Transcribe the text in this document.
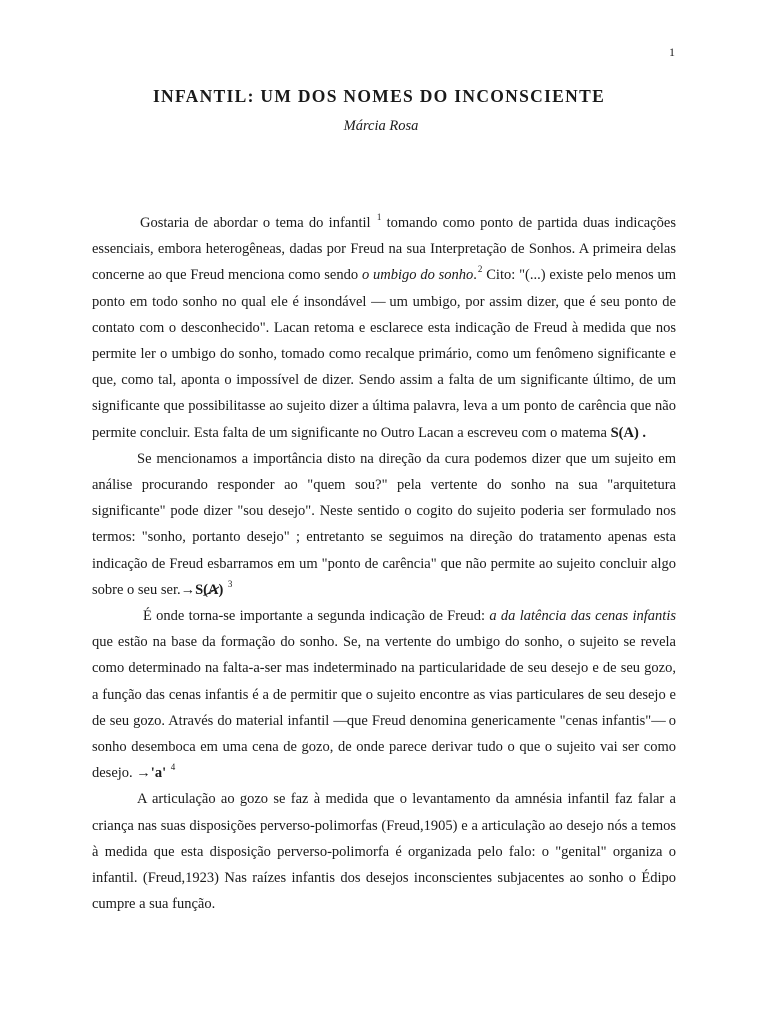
1
INFANTIL: UM DOS NOMES DO INCONSCIENTE
Márcia Rosa

Gostaria de abordar o tema do infantil $^1$ tomando como ponto de partida duas indicações essenciais, embora heterogêneas, dadas por Freud na sua Interpretação de Sonhos. A primeira delas concerne ao que Freud menciona como sendo o umbigo do sonho.$^2$ Cito: "(...) existe pelo menos um ponto em todo sonho no qual ele é insondável — um umbigo, por assim dizer, que é seu ponto de contato com o desconhecido". Lacan retoma e esclarece esta indicação de Freud à medida que nos permite ler o umbigo do sonho, tomado como recalque primário, como um fenômeno significante e que, como tal, aponta o impossível de dizer. Sendo assim a falta de um significante último, de um significante que possibilitasse ao sujeito dizer a última palavra, leva a um ponto de carência que não permite concluir. Esta falta de um significante no Outro Lacan a escreveu com o matema S(A) .

Se mencionamos a importância disto na direção da cura podemos dizer que um sujeito em análise procurando responder ao "quem sou?" pela vertente do sonho na sua "arquitetura significante" pode dizer "sou desejo". Neste sentido o cogito do sujeito poderia ser formulado nos termos: "sonho, portanto desejo" ; entretanto se seguimos na direção do tratamento apenas esta indicação de Freud esbarramos em um "ponto de carência" que não permite ao sujeito concluir algo sobre o seu ser.→S(A) $^3$

É onde torna-se importante a segunda indicação de Freud: a da latência das cenas infantis que estão na base da formação do sonho. Se, na vertente do umbigo do sonho, o sujeito se revela como determinado na falta-a-ser mas indeterminado na particularidade de seu desejo e de seu gozo, a função das cenas infantis é a de permitir que o sujeito encontre as vias particulares de seu desejo e de seu gozo. Através do material infantil —que Freud denomina genericamente "cenas infantis"— o sonho desemboca em uma cena de gozo, de onde parece derivar tudo o que o sujeito vai ser como desejo. →'a' $^4$

A articulação ao gozo se faz à medida que o levantamento da amnésia infantil faz falar a criança nas suas disposições perverso-polimorfas (Freud,1905) e a articulação ao desejo nós a temos à medida que esta disposição perverso-polimorfa é organizada pelo falo: o "genital" organiza o infantil. (Freud,1923) Nas raízes infantis dos desejos inconscientes subjacentes ao sonho o Édipo cumpre a sua função.
